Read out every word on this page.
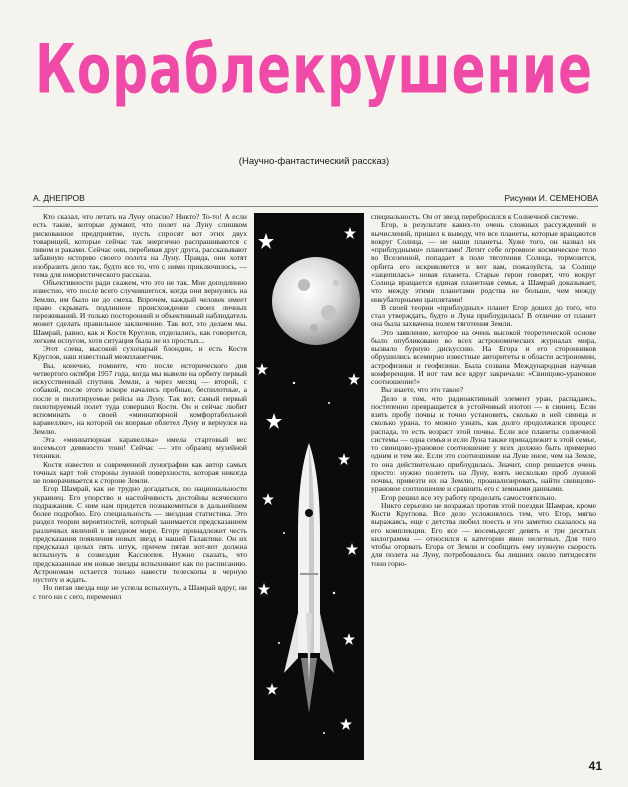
Кораблекрушение
(Научно-фантастический рассказ)
А. ДНЕПРОВ	Рисунки И. СЕМЕНОВА

Кто сказал, что летать на Луну опасно? Никто? То-то! А если есть такие, которые думают, что полет на Луну слишком рискованное предприятие, пусть спросят вот этих двух товарищей, которые сейчас так энергично распрашиваются с пивом и раками. Сейчас они, перебивая друг друга, рассказывают забавную историю своего полета на Луну. Правда, они хотят изобразить дело так, будто все то, что с ними приключилось, — тема для юмористического рассказа.

Объективности ради скажем, что это не так. Мне доподлинно известно, что после всего случившегося, когда они вернулись на Землю, им было не до смеха. Впрочем, каждый человек имеет право скрывать подлинное происхождение своих личных переживаний. И только посторонний и объективный наблюдатель может сделать правильное заключение. Так вот, это делаем мы. Шамрай, равно, как и Костя Круглов, отделались, как говорится, легким испугом, хотя ситуация была не из простых...

Этот слева, высокий сухопарый блондин, и есть Костя Круглов, наш известный межпланетчик.

Вы, конечно, помните, что после исторического дня четвертого октября 1957 года, когда мы вывели на орбиту первый искусственный спутник Земли, а через месяц — второй, с собакой, после этого вскоре начались пробные, беспилотные, а после и пилотируемые рейсы на Луну. Так вот, самый первый пилотируемый полет туда совершил Костя. Он и сейчас любит вспоминать о своей «миниатюрной комфортабельной каравеллке», на которой он впервые облетел Луну и вернулся на Землю.

Эта «миниатюрная каравеллка» имела стартовый вес восемьсот девяносто тонн! Сейчас — это образец музейной техники.

Костя известен и современной лунографии как автор самых точных карт той стороны лунной поверхности, которая никогда не поворачивается к стороне Земли.

Егор Шамрай, как не трудно догадаться, по национальности украинец. Его упорство и настойчивость достойны всяческого подражания. С ним нам придется познакомиться в дальнейшем более подробно. Его специальность — звездная статистика. Это раздел теории вероятностей, который занимается предсказанием различных явлений в звездном мире. Егору принадлежит честь предсказания появления новых звезд в нашей Галактике. Он их предсказал целых пять штук, причем пятая вот-вот должна вспыхнуть в созвездии Кассиопея. Нужно сказать, что предсказанные им новые звезды вспыхивают как по расписанию. Астрономам остается только навести телескопы в черную пустоту и ждать.

Но пятая звезда еще не успела вспыхнуть, а Шамрай вдруг, ни с того ни с сего, переменил

специальность. Он от звезд перебросился к Солнечной системе.

Егор, в результате каких-то очень сложных рассуждений и вычислений, пришел к выводу, что все планеты, которые вращаются вокруг Солнца, — не наши планеты. Хуже того, он назвал их «приблудными» планетами! Летит себе огромное космическое тело во Вселенной, попадает в поле тяготения Солнца, тормозится, орбита его искривляется и вот вам, пожалуйста, за Солнце «зацепилась» новая планета. Старые герои говорят, что вокруг Солнца вращается единая планетная семья, а Шамрай доказывает, что между этими планетами родства не больше, чем между инкубаторными цыплятами!

В своей теории «приблудных» планет Егор дошел до того, что стал утверждать, будто и Луна приблудилась! В отличие от планет она была захвачена полем тяготения Земли.

Это заявление, которое на очень высокой теоретической основе было опубликовано во всех астрономических журналах мира, вызвало бурную дискуссию. На Егора и его сторонников обрушились всемирно известные авторитеты в области астрономии, астрофизики и геофизики. Была созвана Международная научная конференция. И вот там все вдруг закричали: «Свинцово-урановое соотношение!»

Вы знаете, что это такое?

Дело в том, что радиоактивный элемент уран, распадаясь, постепенно превращается в устойчивый изотоп — в свинец. Если взять пробу почвы и точно установить, сколько в ней свинца и сколько урана, то можно узнать, как долго продолжался процесс распада, то есть возраст этой почвы. Если все планеты солнечной системы — одна семья и если Луна также принадлежит к этой семье, то свинцово-урановое соотношение у всех должно быть примерно одним и тем же. Если это соотношение на Луне иное, чем на Земле, то она действительно приблудилась. Значит, спор решается очень просто: нужно полететь на Луну, взять несколько проб лунной почвы, привезти их на Землю, проанализировать, найти свинцово-урановое соотношение и сравнить его с земными данными.

Егор решил все эту работу проделать самостоятельно.

Никто серьезно не возражал против этой поездки Шамрая, кроме Кости Круглова. Все дело усложнялось тем, что Егор, мягко выражаясь, еще с детства любил поесть и это заметно сказалось на его комплекции. Его все — восемьдесят девять и три десятых килограмма — относился к категории явно нелетных. Для того чтобы оторвать Егора от Земли и сообщить ему нужную скорость для полета на Луну, потребовалось бы лишних около пятидесяти тонн горю-

41
